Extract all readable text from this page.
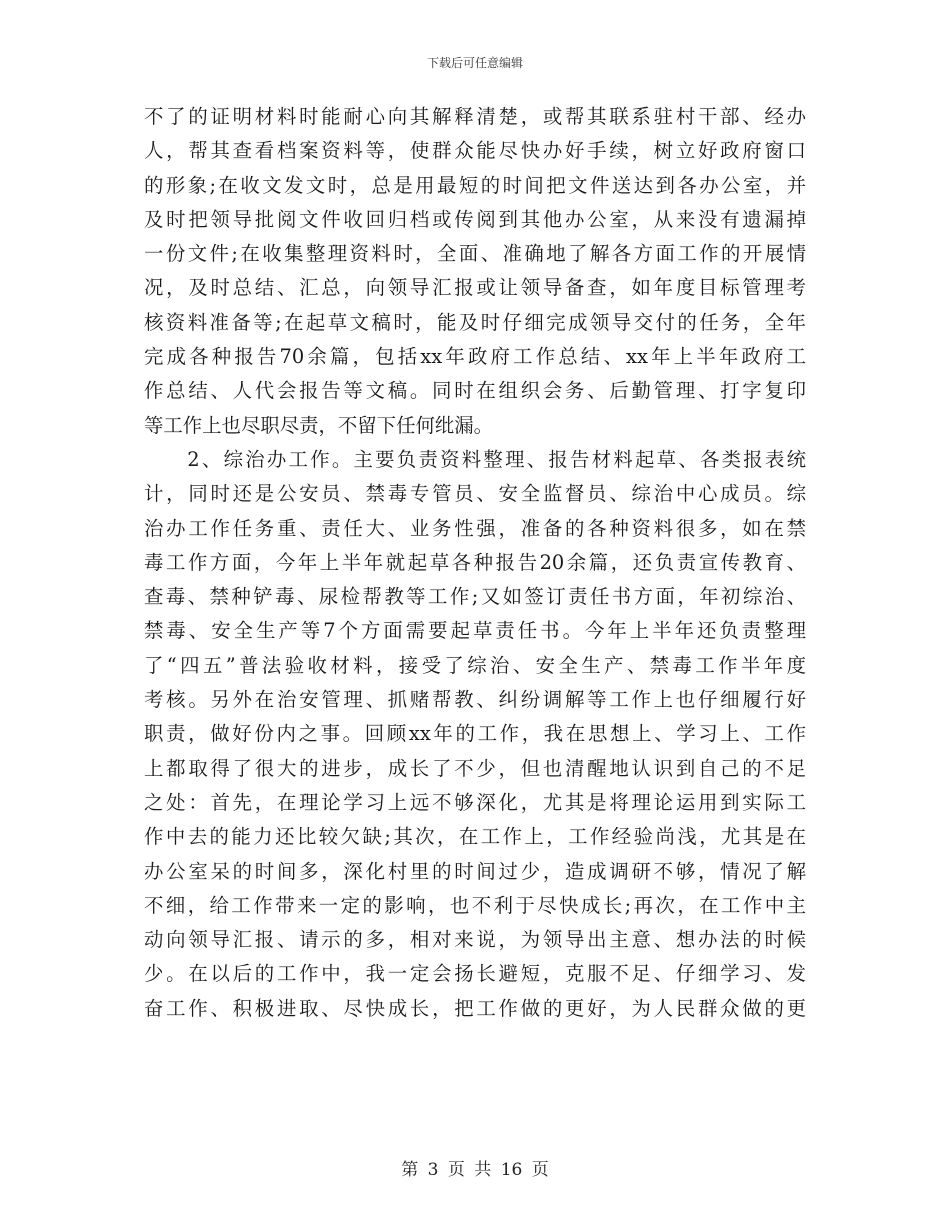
下载后可任意编辑
不了的证明材料时能耐心向其解释清楚，或帮其联系驻村干部、经办
人，帮其查看档案资料等，使群众能尽快办好手续，树立好政府窗口
的形象;在收文发文时，总是用最短的时间把文件送达到各办公室，并
及时把领导批阅文件收回归档或传阅到其他办公室，从来没有遗漏掉
一份文件;在收集整理资料时，全面、准确地了解各方面工作的开展情
况，及时总结、汇总，向领导汇报或让领导备查，如年度目标管理考
核资料准备等;在起草文稿时，能及时仔细完成领导交付的任务，全年
完成各种报告70余篇，包括xx年政府工作总结、xx年上半年政府工
作总结、人代会报告等文稿。同时在组织会务、后勤管理、打字复印
等工作上也尽职尽责，不留下任何纰漏。
　　2、综治办工作。主要负责资料整理、报告材料起草、各类报表统
计，同时还是公安员、禁毒专管员、安全监督员、综治中心成员。综
治办工作任务重、责任大、业务性强，准备的各种资料很多，如在禁
毒工作方面，今年上半年就起草各种报告20余篇，还负责宣传教育、
查毒、禁种铲毒、尿检帮教等工作;又如签订责任书方面，年初综治、
禁毒、安全生产等7个方面需要起草责任书。今年上半年还负责整理
了“四五”普法验收材料，接受了综治、安全生产、禁毒工作半年度
考核。另外在治安管理、抓赌帮教、纠纷调解等工作上也仔细履行好
职责，做好份内之事。回顾xx年的工作，我在思想上、学习上、工作
上都取得了很大的进步，成长了不少，但也清醒地认识到自己的不足
之处：首先，在理论学习上远不够深化，尤其是将理论运用到实际工
作中去的能力还比较欠缺;其次，在工作上，工作经验尚浅，尤其是在
办公室呆的时间多，深化村里的时间过少，造成调研不够，情况了解
不细，给工作带来一定的影响，也不利于尽快成长;再次，在工作中主
动向领导汇报、请示的多，相对来说，为领导出主意、想办法的时候
少。在以后的工作中，我一定会扬长避短，克服不足、仔细学习、发
奋工作、积极进取、尽快成长，把工作做的更好，为人民群众做的更
第 3 页 共 16 页
